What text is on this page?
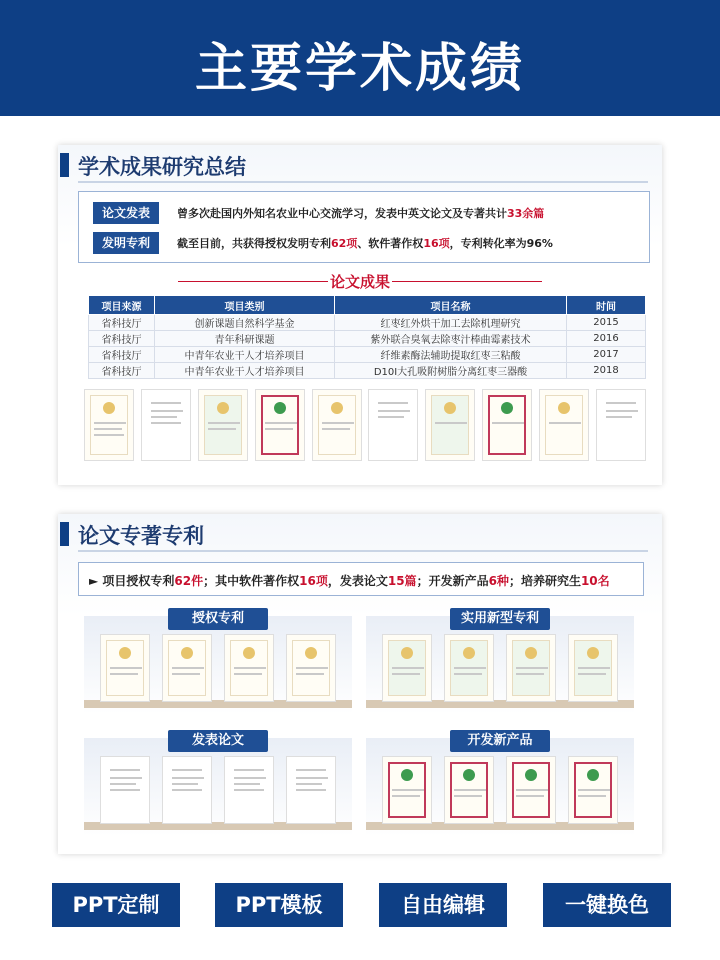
主要学术成绩
学术成果研究总结
论文发表	曾多次赴国内外知名农业中心交流学习，发表中英文论文及专著共计33余篇
发明专利	截至目前，共获得授权发明专利62项、软件著作权16项，专利转化率为96%
论文成果
项目来源	项目类别	项目名称	时间
省科技厅	创新课题自然科学基金	红枣红外烘干加工去除机理研究	2015
省科技厅	青年科研课题	紫外联合臭氧去除枣汁棒曲霉素技术	2016
省科技厅	中青年农业干人才培养项目	纤维素酶法辅助提取红枣三粘酸	2017
省科技厅	中青年农业干人才培养项目	D10I大孔吸附树脂分离红枣三器酸	2018
论文专著专利
► 项目授权专利62件；其中软件著作权16项，发表论文15篇；开发新产品6种；培养研究生10名
授权专利	实用新型专利
发表论文	开发新产品
PPT定制	PPT模板	自由编辑	一键换色
